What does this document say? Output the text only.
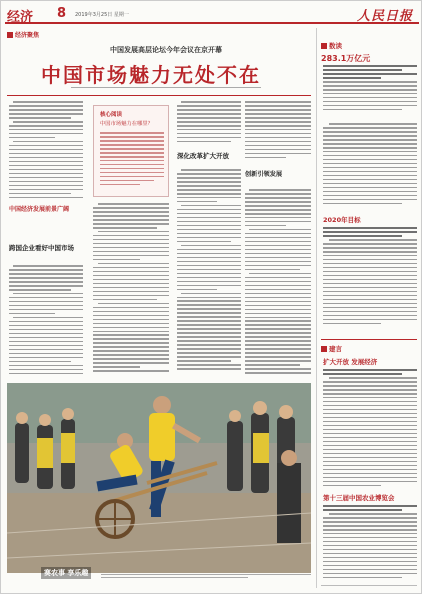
经济 8 2019年3月25日 星期一	人民日报
经济聚焦
中国发展高层论坛今年会议在京开幕
中国市场魅力无处不在
中国经济发展前景广阔
跨国企业看好中国市场
核心阅读
中国市场魅力在哪里？
深化改革扩大开放
创新引领发展
赛农事 享乐趣
数读
283.1万亿元
2020年目标
建言
扩大开放 发展经济
第十三届中国农业博览会
